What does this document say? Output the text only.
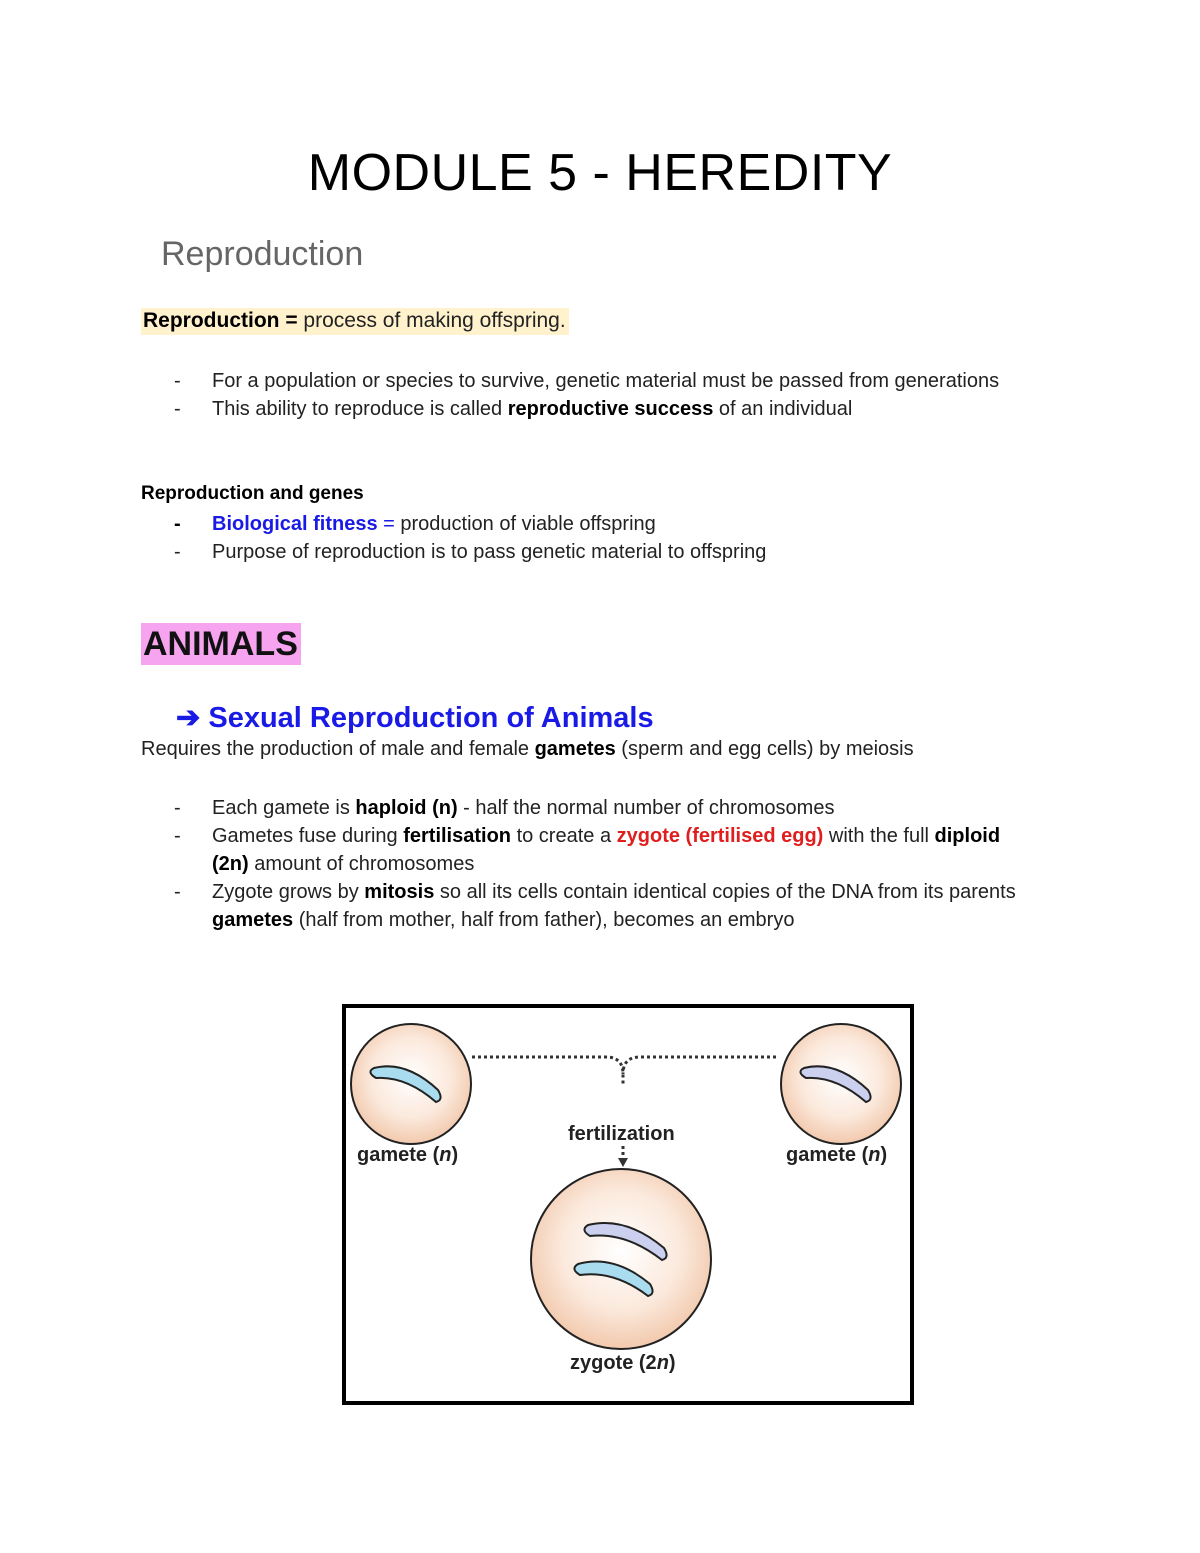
MODULE 5 - HEREDITY
Reproduction
Reproduction = process of making offspring.
- For a population or species to survive, genetic material must be passed from generations
- This ability to reproduce is called reproductive success of an individual
Reproduction and genes
- Biological fitness = production of viable offspring
- Purpose of reproduction is to pass genetic material to offspring
ANIMALS
➔ Sexual Reproduction of Animals
Requires the production of male and female gametes (sperm and egg cells) by meiosis
- Each gamete is haploid (n) - half the normal number of chromosomes
- Gametes fuse during fertilisation to create a zygote (fertilised egg) with the full diploid (2n) amount of chromosomes
- Zygote grows by mitosis so all its cells contain identical copies of the DNA from its parents gametes (half from mother, half from father), becomes an embryo
gamete (n)	gamete (n)
fertilization
zygote (2n)
